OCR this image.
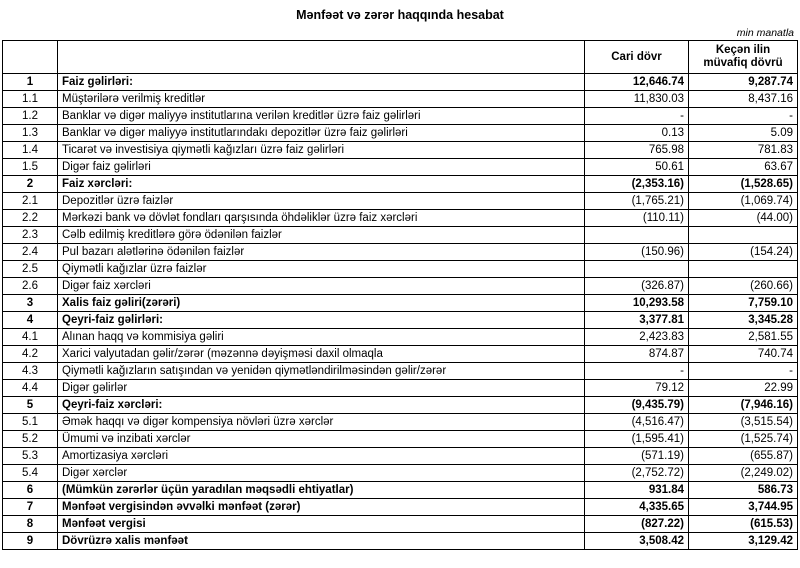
Mənfəət və zərər haqqında hesabat
min manatla
		Cari dövr	Keçən ilin müvafiq dövrü
1	Faiz gəlirləri:	12,646.74	9,287.74
1.1	Müştərilərə verilmiş kreditlər	11,830.03	8,437.16
1.2	Banklar və digər maliyyə institutlarına verilən kreditlər üzrə faiz gəlirləri	-	-
1.3	Banklar və digər maliyyə institutlarındakı depozitlər üzrə faiz gəlirləri	0.13	5.09
1.4	Ticarət və investisiya qiymətli kağızları üzrə faiz gəlirləri	765.98	781.83
1.5	Digər faiz gəlirləri	50.61	63.67
2	Faiz xərcləri:	(2,353.16)	(1,528.65)
2.1	Depozitlər üzrə faizlər	(1,765.21)	(1,069.74)
2.2	Mərkəzi bank və dövlət fondları qarşısında öhdəliklər üzrə faiz xərcləri	(110.11)	(44.00)
2.3	Cəlb edilmiş kreditlərə görə ödənilən faizlər		
2.4	Pul bazarı alətlərinə ödənilən faizlər	(150.96)	(154.24)
2.5	Qiymətli kağızlar üzrə faizlər		
2.6	Digər faiz xərcləri	(326.87)	(260.66)
3	Xalis faiz gəliri(zərəri)	10,293.58	7,759.10
4	Qeyri-faiz gəlirləri:	3,377.81	3,345.28
4.1	Alınan haqq və kommisiya gəliri	2,423.83	2,581.55
4.2	Xarici valyutadan gəlir/zərər (məzənnə dəyişməsi daxil olmaqla	874.87	740.74
4.3	Qiymətli kağızların satışından və yenidən qiymətləndirilməsindən gəlir/zərər	-	-
4.4	Digər gəlirlər	79.12	22.99
5	Qeyri-faiz xərcləri:	(9,435.79)	(7,946.16)
5.1	Əmək haqqı və digər kompensiya növləri üzrə xərclər	(4,516.47)	(3,515.54)
5.2	Ümumi və inzibati xərclər	(1,595.41)	(1,525.74)
5.3	Amortizasiya xərcləri	(571.19)	(655.87)
5.4	Digər xərclər	(2,752.72)	(2,249.02)
6	(Mümkün zərərlər üçün yaradılan məqsədli ehtiyatlar)	931.84	586.73
7	Mənfəət vergisindən əvvəlki mənfəət (zərər)	4,335.65	3,744.95
8	Mənfəət vergisi	(827.22)	(615.53)
9	Dövrüzrə xalis mənfəət	3,508.42	3,129.42
